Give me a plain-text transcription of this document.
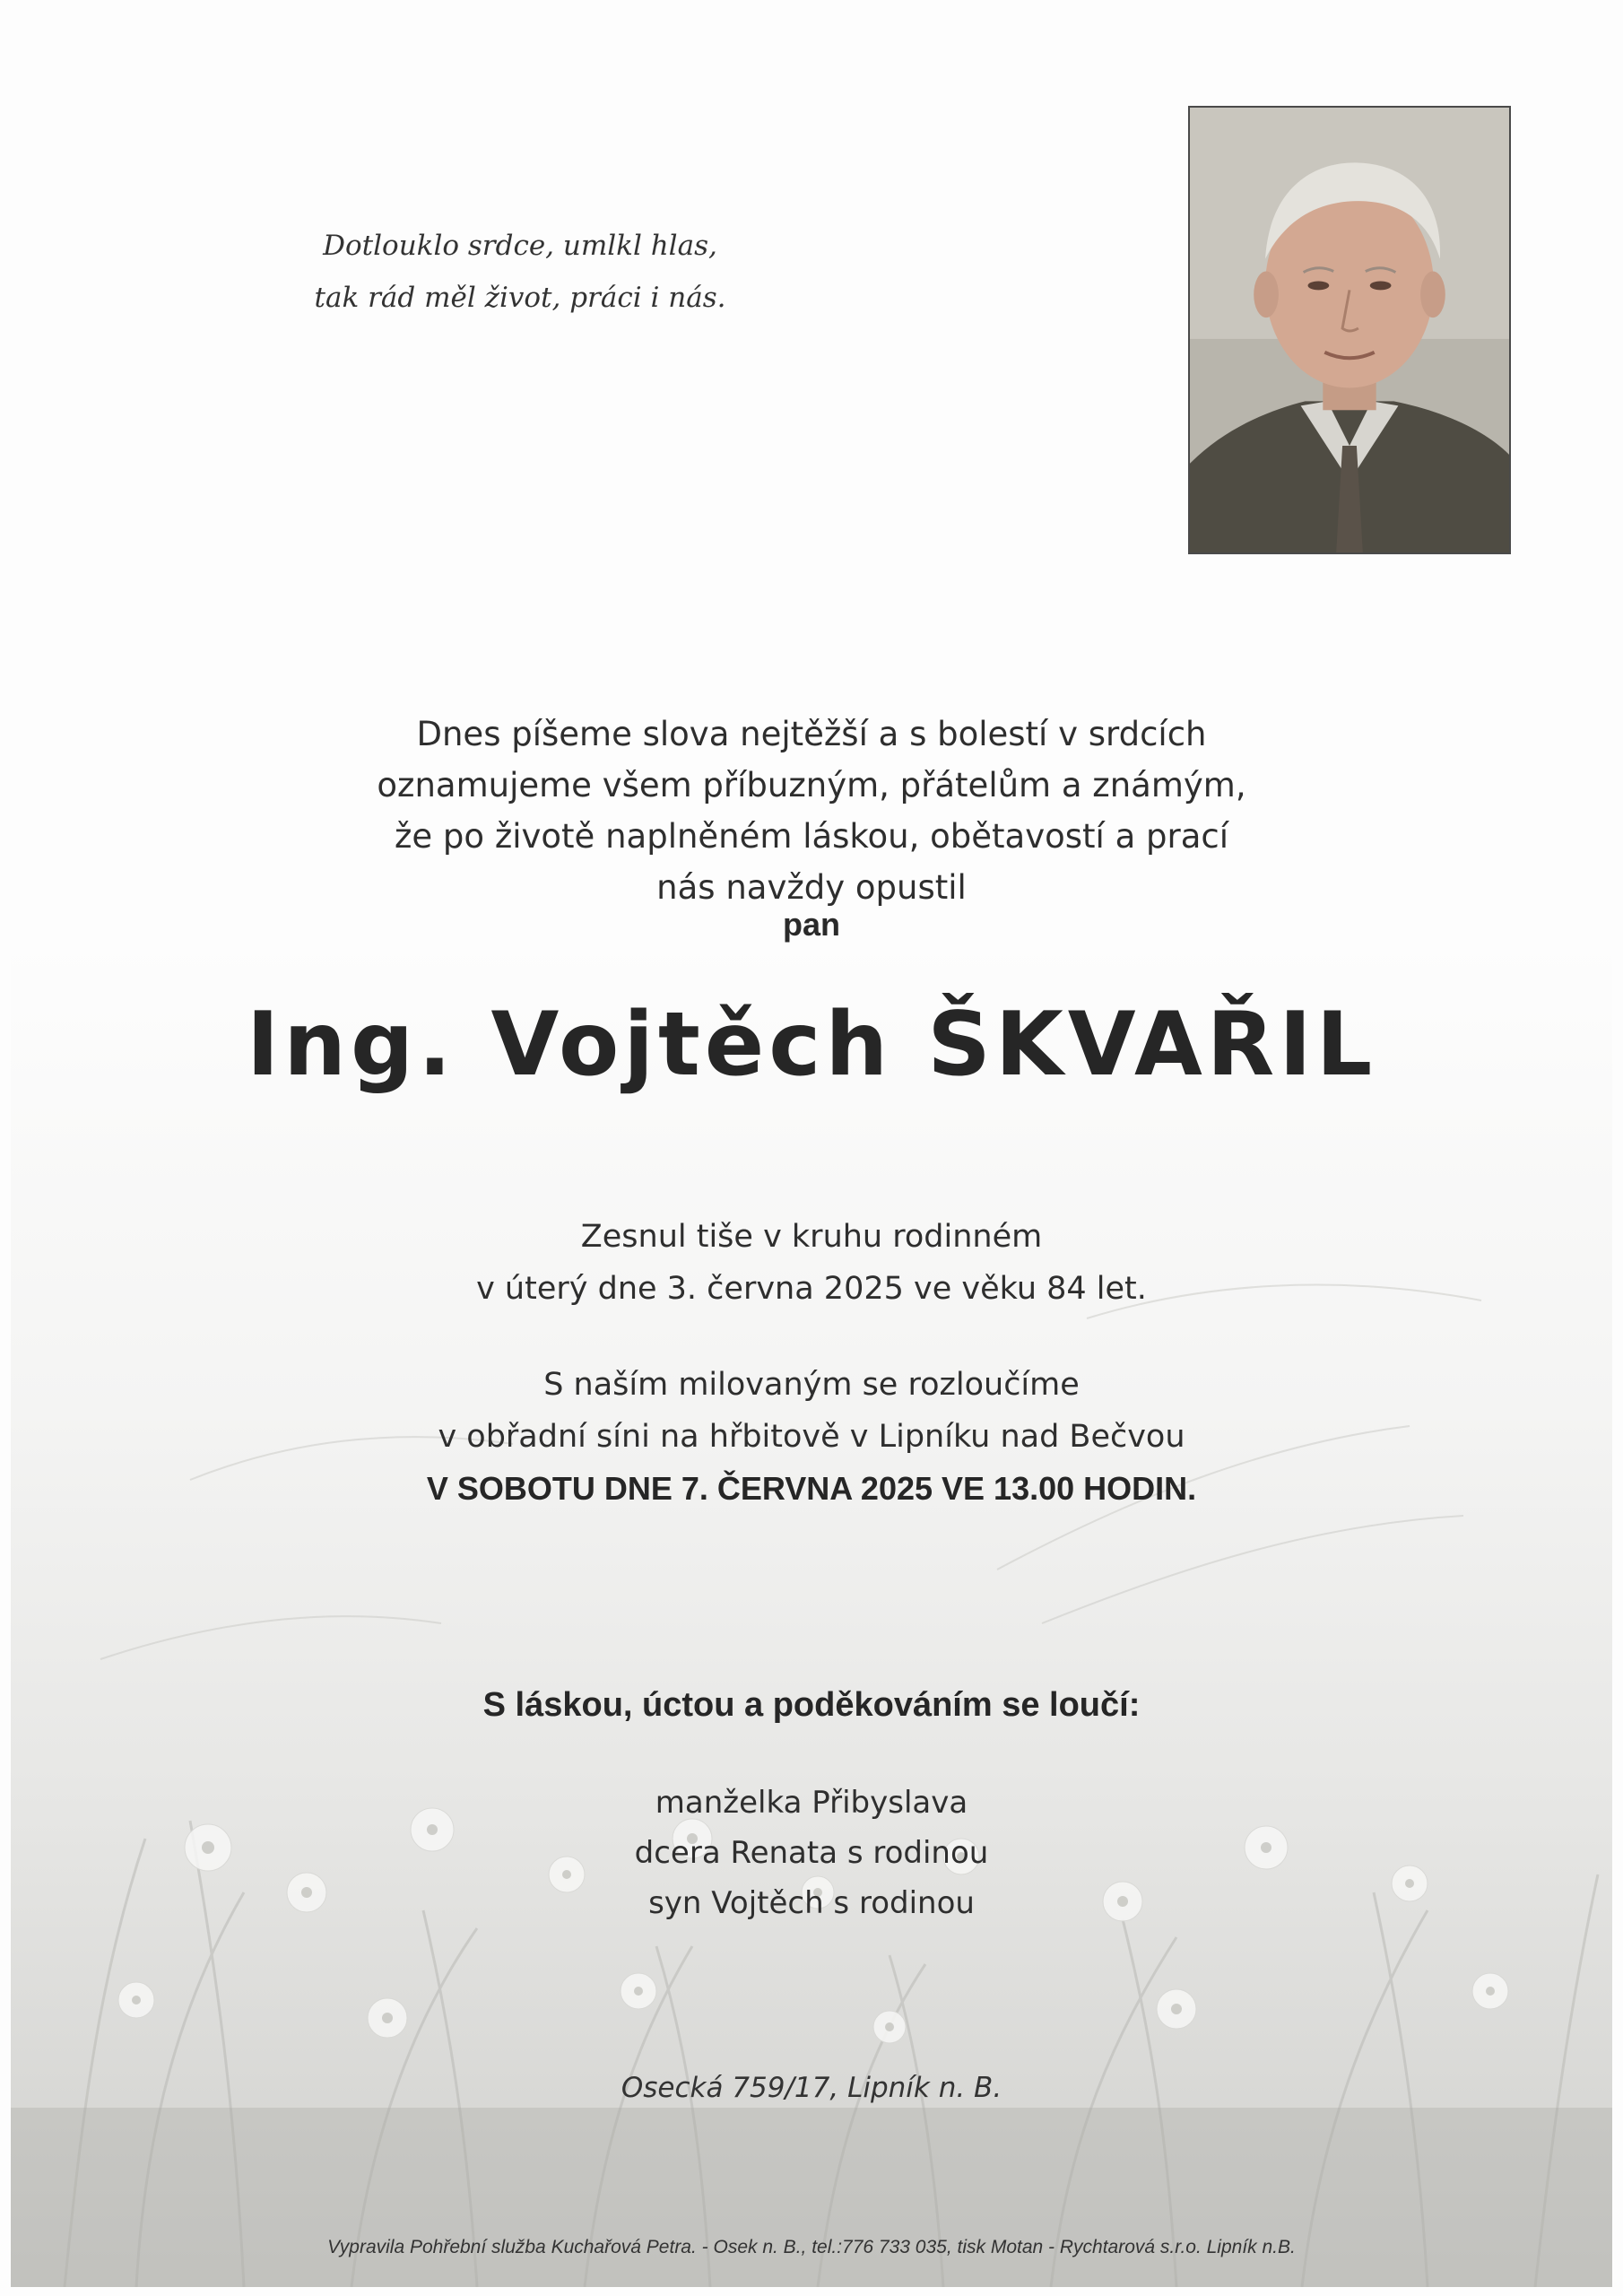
Dotlouklo srdce, umlkl hlas,
tak rád měl život, práci i nás.
Dnes píšeme slova nejtěžší a s bolestí v srdcích
oznamujeme všem příbuzným, přátelům a známým,
že po životě naplněném láskou, obětavostí a prací
nás navždy opustil
pan
Ing. Vojtěch ŠKVAŘIL
Zesnul tiše v kruhu rodinném
v úterý dne 3. června 2025 ve věku 84 let.
S naším milovaným se rozloučíme
v obřadní síni na hřbitově v Lipníku nad Bečvou
V SOBOTU DNE 7. ČERVNA 2025 VE 13.00 HODIN.
S láskou, úctou a poděkováním se loučí:
manželka Přibyslava
dcera Renata s rodinou
syn Vojtěch s rodinou
Osecká 759/17, Lipník n. B.
Vypravila Pohřební služba Kuchařová Petra. - Osek n. B., tel.:776 733 035, tisk Motan - Rychtarová s.r.o. Lipník n.B.
